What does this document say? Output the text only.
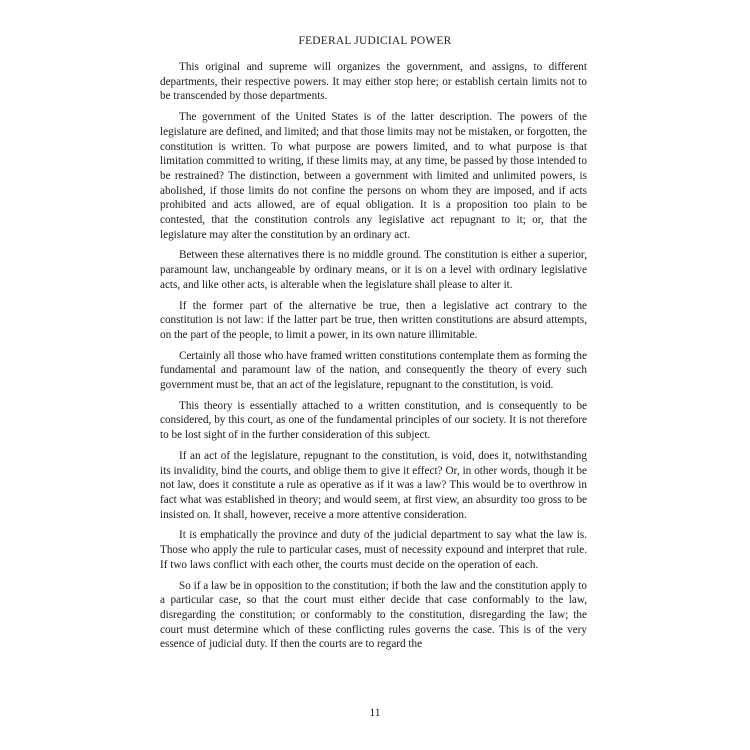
FEDERAL JUDICIAL POWER

This original and supreme will organizes the government, and assigns, to different departments, their respective powers. It may either stop here; or establish certain limits not to be transcended by those departments.

The government of the United States is of the latter description. The powers of the legislature are defined, and limited; and that those limits may not be mistaken, or forgotten, the constitution is written. To what purpose are powers limited, and to what purpose is that limitation committed to writing, if these limits may, at any time, be passed by those intended to be restrained? The distinction, between a government with limited and unlimited powers, is abolished, if those limits do not confine the persons on whom they are imposed, and if acts prohibited and acts allowed, are of equal obligation. It is a proposition too plain to be contested, that the constitution controls any legislative act repugnant to it; or, that the legislature may alter the constitution by an ordinary act.

Between these alternatives there is no middle ground. The constitution is either a superior, paramount law, unchangeable by ordinary means, or it is on a level with ordinary legislative acts, and like other acts, is alterable when the legislature shall please to alter it.

If the former part of the alternative be true, then a legislative act contrary to the constitution is not law: if the latter part be true, then written constitutions are absurd attempts, on the part of the people, to limit a power, in its own nature illimitable.

Certainly all those who have framed written constitutions contemplate them as forming the fundamental and paramount law of the nation, and consequently the theory of every such government must be, that an act of the legislature, repugnant to the constitution, is void.

This theory is essentially attached to a written constitution, and is consequently to be considered, by this court, as one of the fundamental principles of our society. It is not therefore to be lost sight of in the further consideration of this subject.

If an act of the legislature, repugnant to the constitution, is void, does it, notwithstanding its invalidity, bind the courts, and oblige them to give it effect? Or, in other words, though it be not law, does it constitute a rule as operative as if it was a law? This would be to overthrow in fact what was established in theory; and would seem, at first view, an absurdity too gross to be insisted on. It shall, however, receive a more attentive consideration.

It is emphatically the province and duty of the judicial department to say what the law is. Those who apply the rule to particular cases, must of necessity expound and interpret that rule. If two laws conflict with each other, the courts must decide on the operation of each.

So if a law be in opposition to the constitution; if both the law and the constitution apply to a particular case, so that the court must either decide that case conformably to the law, disregarding the constitution; or conformably to the constitution, disregarding the law; the court must determine which of these conflicting rules governs the case. This is of the very essence of judicial duty. If then the courts are to regard the

11
